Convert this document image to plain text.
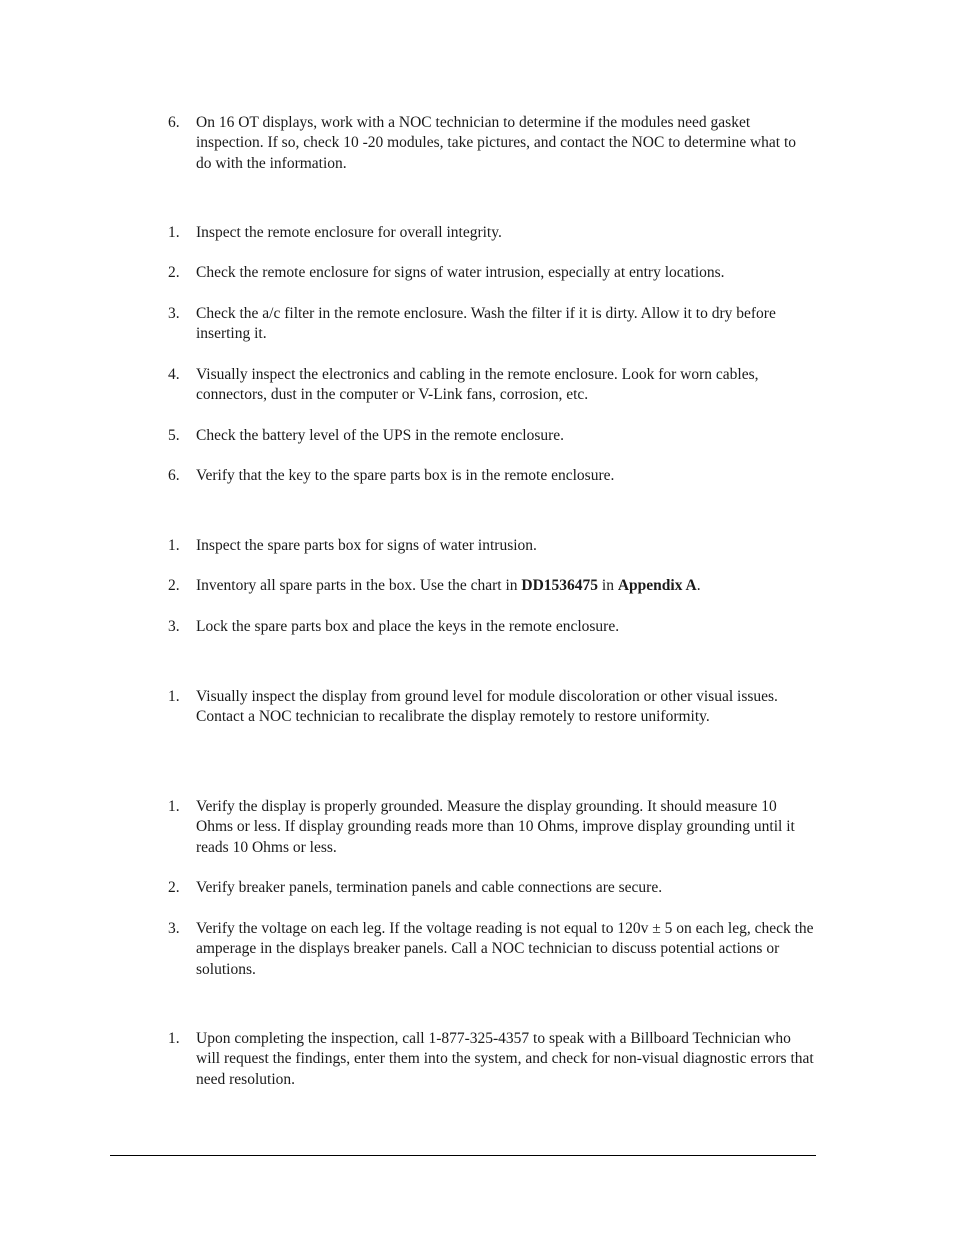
6.	On 16 OT displays, work with a NOC technician to determine if the modules need gasket inspection. If so, check 10 -20 modules, take pictures, and contact the NOC to determine what to do with the information.
1.	Inspect the remote enclosure for overall integrity.
2.	Check the remote enclosure for signs of water intrusion, especially at entry locations.
3.	Check the a/c filter in the remote enclosure. Wash the filter if it is dirty. Allow it to dry before inserting it.
4.	Visually inspect the electronics and cabling in the remote enclosure. Look for worn cables, connectors, dust in the computer or V-Link fans, corrosion, etc.
5.	Check the battery level of the UPS in the remote enclosure.
6.	Verify that the key to the spare parts box is in the remote enclosure.
1.	Inspect the spare parts box for signs of water intrusion.
2.	Inventory all spare parts in the box. Use the chart in DD1536475 in Appendix A.
3.	Lock the spare parts box and place the keys in the remote enclosure.
1.	Visually inspect the display from ground level for module discoloration or other visual issues. Contact a NOC technician to recalibrate the display remotely to restore uniformity.
1.	Verify the display is properly grounded. Measure the display grounding. It should measure 10 Ohms or less. If display grounding reads more than 10 Ohms, improve display grounding until it reads 10 Ohms or less.
2.	Verify breaker panels, termination panels and cable connections are secure.
3.	Verify the voltage on each leg. If the voltage reading is not equal to 120v ± 5 on each leg, check the amperage in the displays breaker panels. Call a NOC technician to discuss potential actions or solutions.
1.	Upon completing the inspection, call 1-877-325-4357 to speak with a Billboard Technician who will request the findings, enter them into the system, and check for non-visual diagnostic errors that need resolution.
